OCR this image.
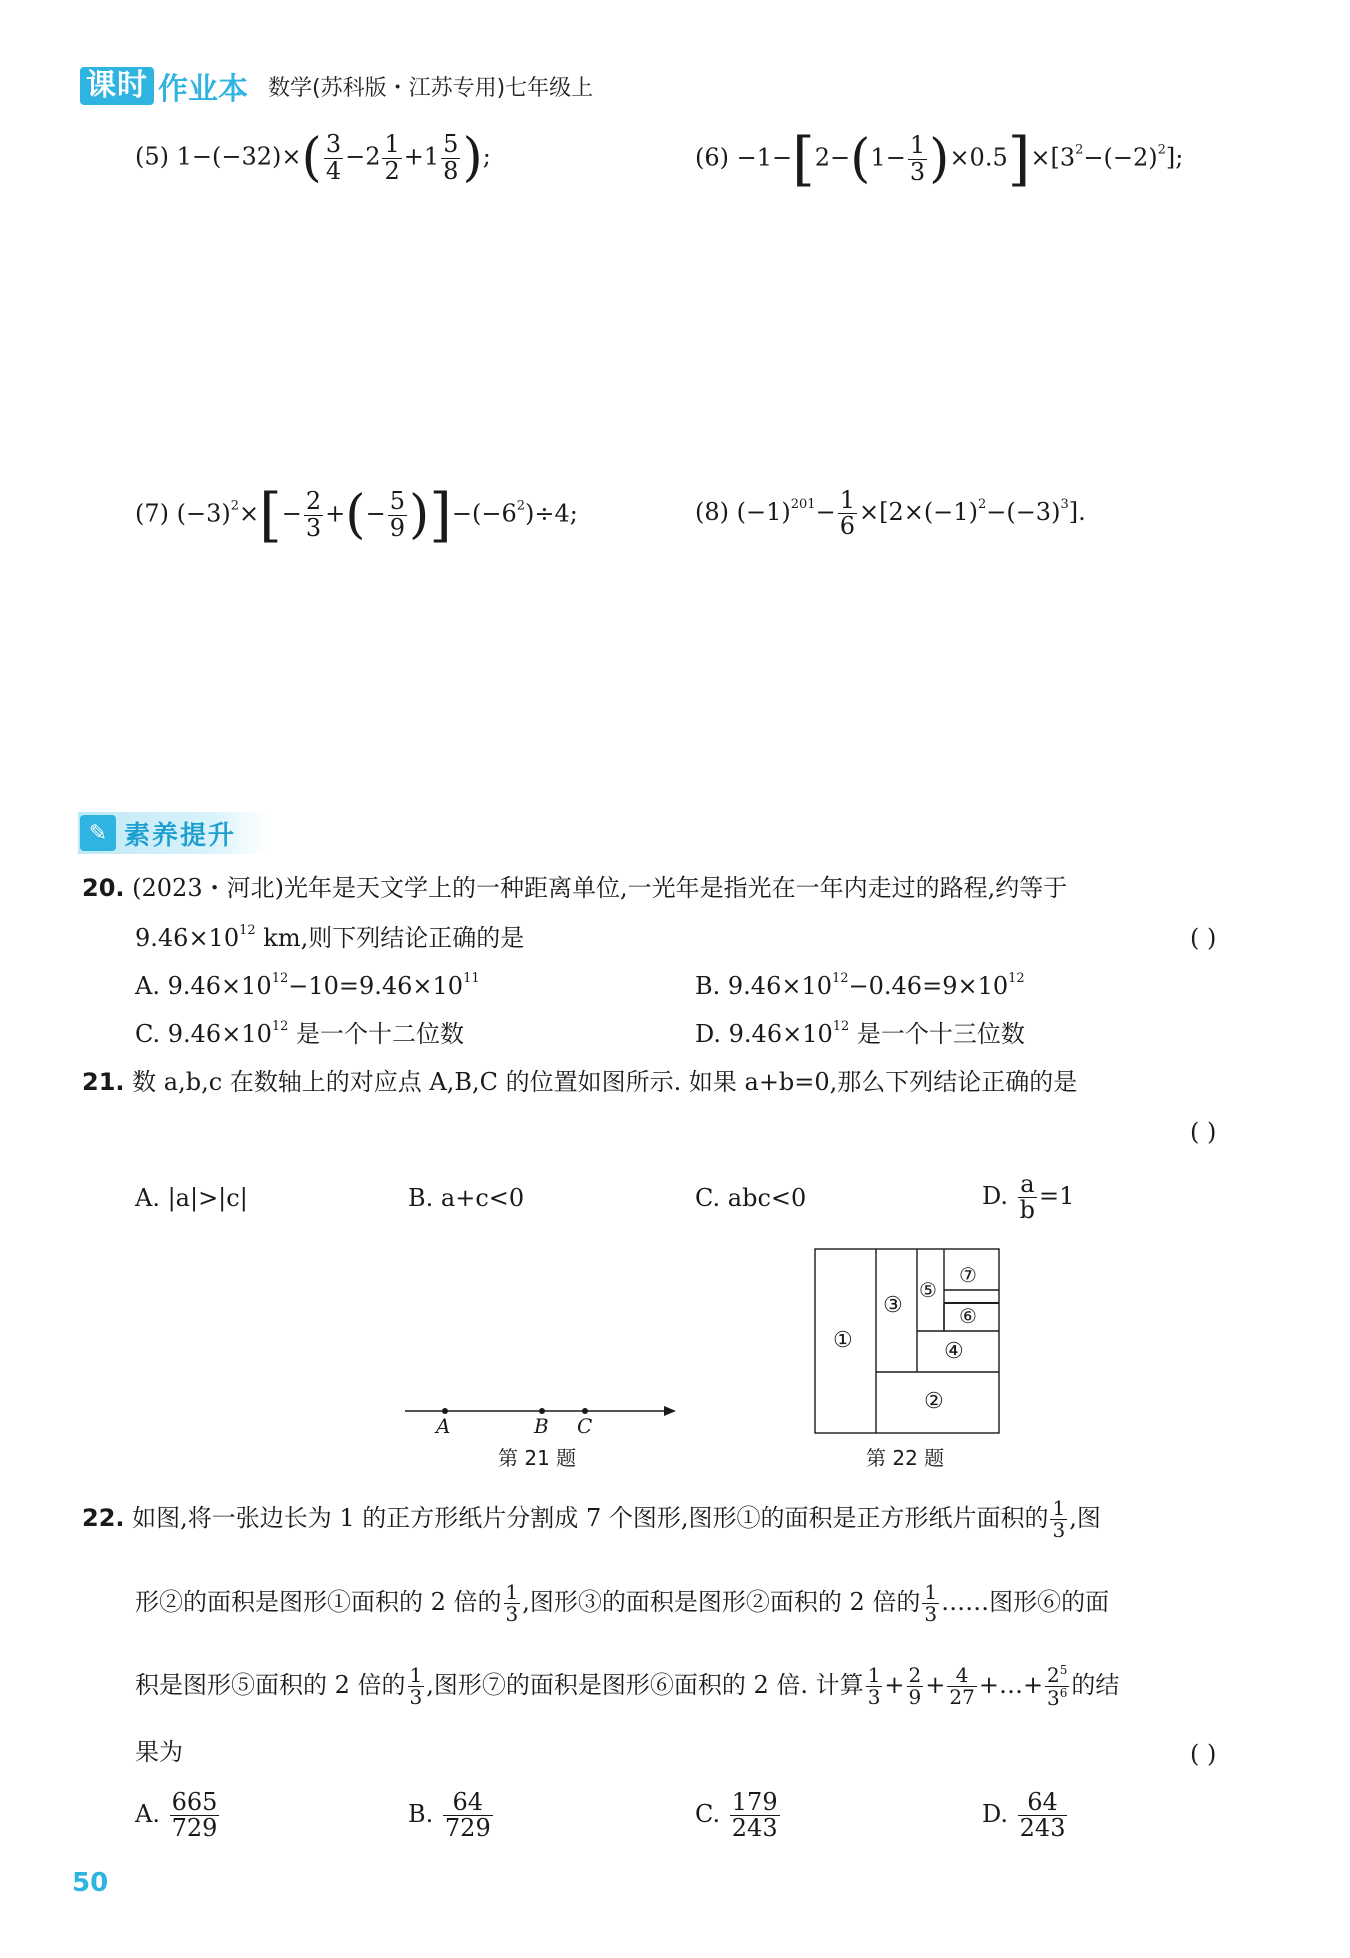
课时 作业本 数学(苏科版・江苏专用)七年级上
(5) $1-(-32)\times( \frac{3}{4} -2 \frac{1}{2} +1 \frac{5}{8}$ );	$(6) -1-[2-(1- \frac{1}{3} )\times 0.5]\times[3^2-(-2)^2]$;
(7) $(-3)^2\times[- \frac{2}{3}$ +(− $\frac{5}{9} )]-(-6^2)\div 4$;	(8) $(-1)^{201}- \frac{1}{6} \times[2\times(-1)^2-(-3)^3]$.
✎ 素养提升
20. (2023・河北)光年是天文学上的一种距离单位,一光年是指光在一年内走过的路程,约等于
$9.46\times 10^{12}$ km,则下列结论正确的是	( )
A. $9.46\times 10^{12}-10=9.46\times 10^{11}$	B. $9.46\times 10^{12}-0.46=9\times 10^{12}$
C. $9.46\times 10^{12}$ 是一个十二位数	D. $9.46\times 10^{12}$ 是一个十三位数
21. 数 a,b,c 在数轴上的对应点 A,B,C 的位置如图所示. 如果 a+b=0,那么下列结论正确的是
( )
A. |a|>|c|	B. a+c<0	C. abc<0	D. $\frac{a}{b} =1$
A	B C
第 21 题
①
②
③
④
⑤
⑥
⑦
第 22 题
22. 如图,将一张边长为 1 的正方形纸片分割成 7 个图形,图形①的面积是正方形纸片面积的 $\frac{1}{3}$ ,图
形②的面积是图形①面积的 2 倍的 $\frac{1}{3}$ ,图形③的面积是图形②面积的 2 倍的 $\frac{1}{3}$ ……图形⑥的面
积是图形⑤面积的 2 倍的 $\frac{1}{3}$ ,图形⑦的面积是图形⑥面积的 2 倍. 计算 $\frac{1}{3} + \frac{2}{9} + \frac{4}{27}$ +…+ $\frac{2^5}{3^6}$ 的结
果为	( )
A. $\frac{665}{729}$	B. $\frac{64}{729}$	C. $\frac{179}{243}$	D. $\frac{64}{243}$
50
